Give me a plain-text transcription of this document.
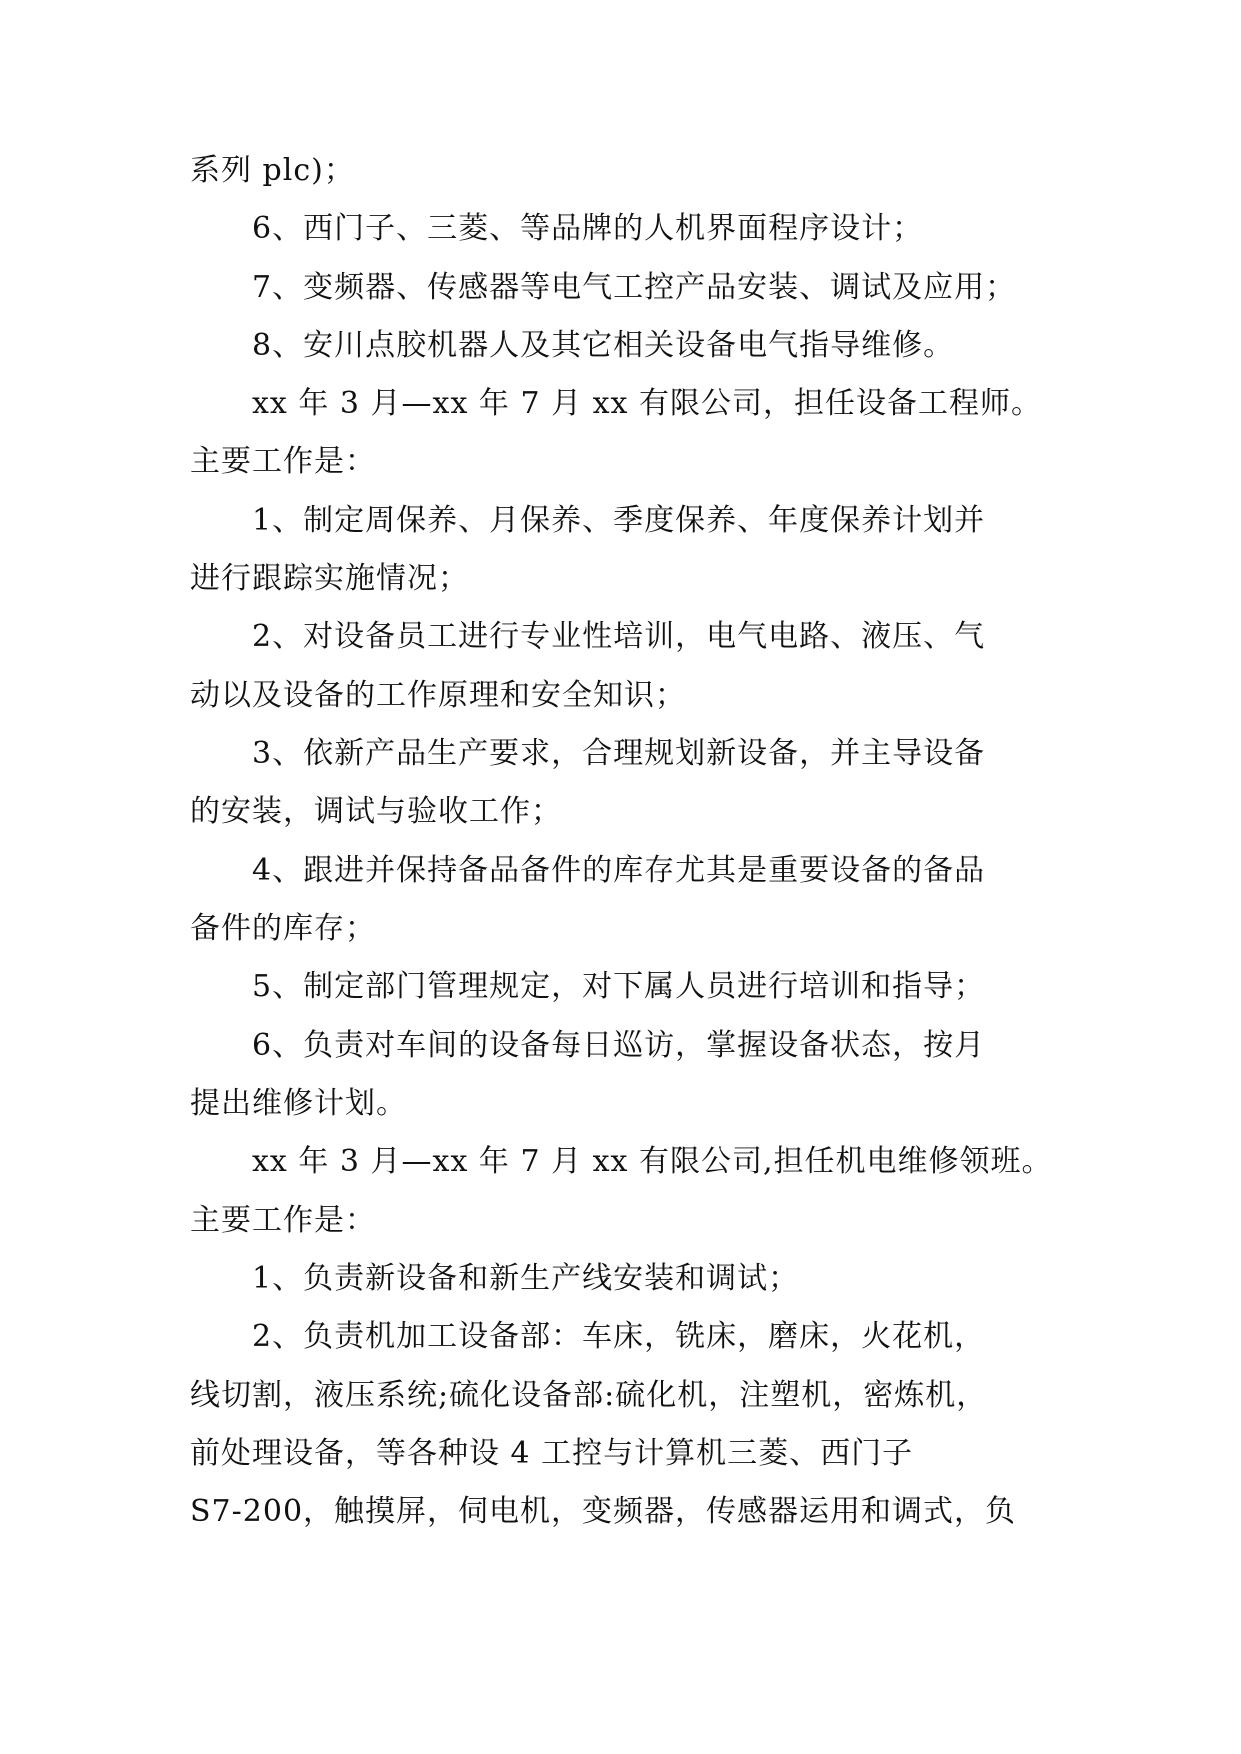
系列 plc)；
6、西门子、三菱、等品牌的人机界面程序设计；
7、变频器、传感器等电气工控产品安装、调试及应用；
8、安川点胶机器人及其它相关设备电气指导维修。
xx 年 3 月—xx 年 7 月 xx 有限公司，担任设备工程师。
主要工作是：
1、制定周保养、月保养、季度保养、年度保养计划并
进行跟踪实施情况；
2、对设备员工进行专业性培训，电气电路、液压、气
动以及设备的工作原理和安全知识；
3、依新产品生产要求，合理规划新设备，并主导设备
的安装，调试与验收工作；
4、跟进并保持备品备件的库存尤其是重要设备的备品
备件的库存；
5、制定部门管理规定，对下属人员进行培训和指导；
6、负责对车间的设备每日巡访，掌握设备状态，按月
提出维修计划。
xx 年 3 月—xx 年 7 月 xx 有限公司,担任机电维修领班。
主要工作是：
1、负责新设备和新生产线安装和调试；
2、负责机加工设备部：车床，铣床，磨床，火花机，
线切割，液压系统;硫化设备部:硫化机，注塑机，密炼机，
前处理设备，等各种设 4 工控与计算机三菱、西门子
S7-200，触摸屏，伺电机，变频器，传感器运用和调式，负
